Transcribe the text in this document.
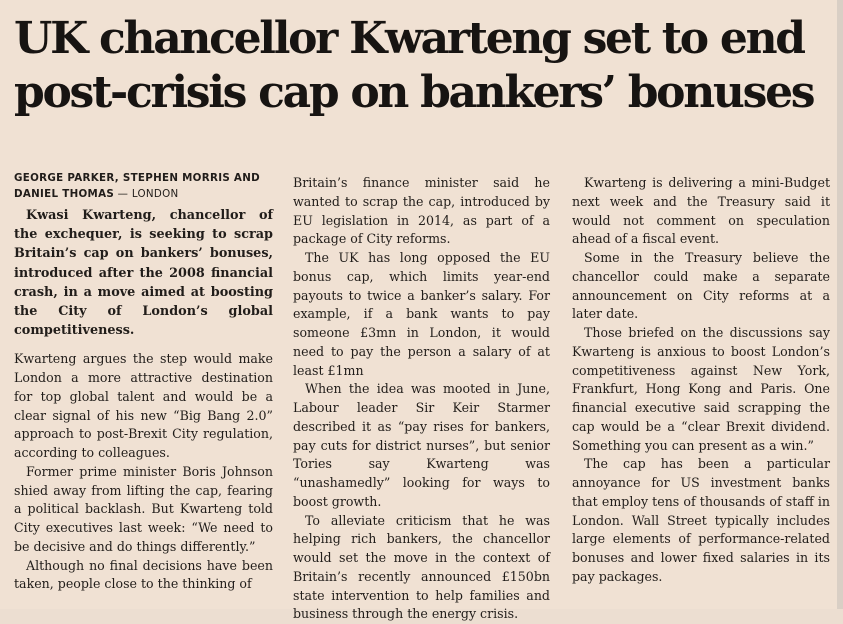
UK chancellor Kwarteng set to end
post-crisis cap on bankers’ bonuses
GEORGE PARKER, STEPHEN MORRIS AND DANIEL THOMAS — LONDON

Kwasi Kwarteng, chancellor of the exchequer, is seeking to scrap Britain’s cap on bankers’ bonuses, introduced after the 2008 financial crash, in a move aimed at boosting the City of London’s global competitiveness.

Kwarteng argues the step would make London a more attractive destination for top global talent and would be a clear signal of his new “Big Bang 2.0” approach to post-Brexit City regulation, according to colleagues.

Former prime minister Boris Johnson shied away from lifting the cap, fearing a political backlash. But Kwarteng told City executives last week: “We need to be decisive and do things differently.”

Although no final decisions have been taken, people close to the thinking of

Britain’s finance minister said he wanted to scrap the cap, introduced by EU legislation in 2014, as part of a package of City reforms.

The UK has long opposed the EU bonus cap, which limits year-end payouts to twice a banker’s salary. For example, if a bank wants to pay someone £3mn in London, it would need to pay the person a salary of at least £1mn

When the idea was mooted in June, Labour leader Sir Keir Starmer described it as “pay rises for bankers, pay cuts for district nurses”, but senior Tories say Kwarteng was “unashamedly” looking for ways to boost growth.

To alleviate criticism that he was helping rich bankers, the chancellor would set the move in the context of Britain’s recently announced £150bn state intervention to help families and business through the energy crisis.

Kwarteng is delivering a mini-Budget next week and the Treasury said it would not comment on speculation ahead of a fiscal event.

Some in the Treasury believe the chancellor could make a separate announcement on City reforms at a later date.

Those briefed on the discussions say Kwarteng is anxious to boost London’s competitiveness against New York, Frankfurt, Hong Kong and Paris. One financial executive said scrapping the cap would be a “clear Brexit dividend. Something you can present as a win.”

The cap has been a particular annoyance for US investment banks that employ tens of thousands of staff in London. Wall Street typically includes large elements of performance-related bonuses and lower fixed salaries in its pay packages.
